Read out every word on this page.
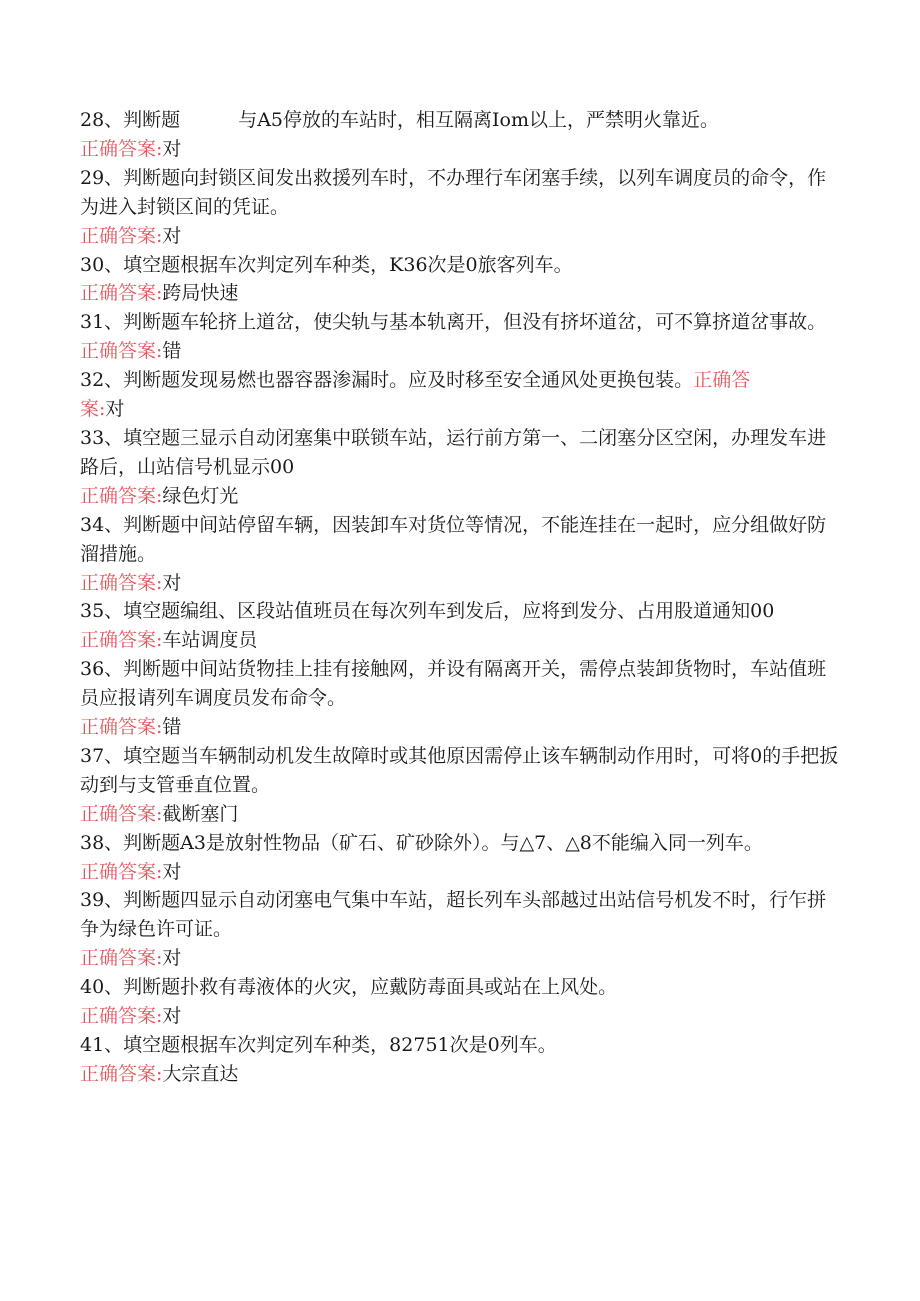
28、判断题	与A5停放的车站时，相互隔离Iom以上，严禁明火靠近。

正确答案:对

29、判断题向封锁区间发出救援列车时，不办理行车闭塞手续，以列车调度员的命令，作为进入封锁区间的凭证。

正确答案:对

30、填空题根据车次判定列车种类，K36次是0旅客列车。

正确答案:跨局快速

31、判断题车轮挤上道岔，使尖轨与基本轨离开，但没有挤坏道岔，可不算挤道岔事故。

正确答案:错

32、判断题发现易燃也器容器渗漏时。应及时移至安全通风处更换包装。正确答
案:对

33、填空题三显示自动闭塞集中联锁车站，运行前方第一、二闭塞分区空闲，办理发车进路后，山站信号机显示00

正确答案:绿色灯光

34、判断题中间站停留车辆，因装卸车对货位等情况，不能连挂在一起时，应分组做好防溜措施。

正确答案:对

35、填空题编组、区段站值班员在每次列车到发后，应将到发分、占用股道通知00

正确答案:车站调度员

36、判断题中间站货物挂上挂有接触网，并设有隔离开关，需停点装卸货物时，车站值班员应报请列车调度员发布命令。

正确答案:错

37、填空题当车辆制动机发生故障时或其他原因需停止该车辆制动作用时，可将0的手把扳动到与支管垂直位置。

正确答案:截断塞门

38、判断题A3是放射性物品（矿石、矿砂除外）。与△7、△8不能编入同一列车。

正确答案:对

39、判断题四显示自动闭塞电气集中车站，超长列车头部越过出站信号机发不时，行乍拼争为绿色许可证。

正确答案:对

40、判断题扑救有毒液体的火灾，应戴防毒面具或站在上风处。

正确答案:对

41、填空题根据车次判定列车种类，82751次是0列车。

正确答案:大宗直达
